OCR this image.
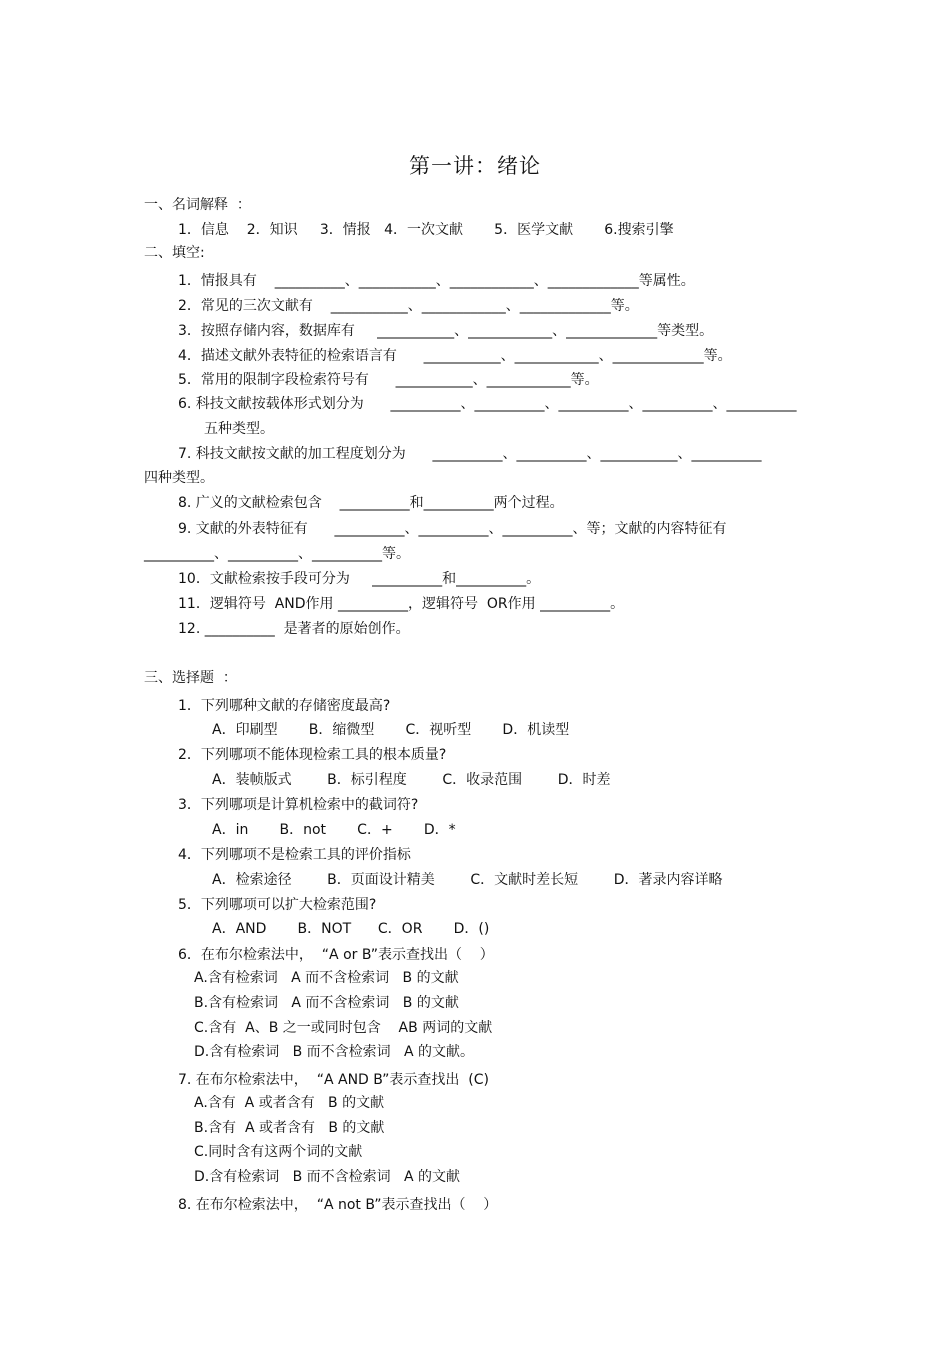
第一讲：绪论
一、名词解释  ：
1．信息    2．知识     3．情报   4．一次文献       5．医学文献       6.搜索引擎
二、填空:
1．情报具有    __________、___________、____________、_____________等属性。
2．常见的三次文献有    ___________、____________、_____________等。
3．按照存储内容，数据库有     ___________、____________、_____________等类型。
4．描述文献外表特征的检索语言有      ___________、____________、_____________等。
5．常用的限制字段检索符号有      ___________、____________等。
6. 科技文献按载体形式划分为      __________、__________、__________、__________、__________
五种类型。
7. 科技文献按文献的加工程度划分为      __________、__________、___________、__________
四种类型。
8. 广义的文献检索包含    __________和__________两个过程。
9. 文献的外表特征有      __________、__________、__________、等；文献的内容特征有
__________、__________、__________等。
10．文献检索按手段可分为     __________和__________。
11．逻辑符号  AND作用 __________，逻辑符号  OR作用 __________。
12. __________  是著者的原始创作。
三、选择题  ：
1．下列哪种文献的存储密度最高?
A．印刷型       B．缩微型       C．视听型       D．机读型
2．下列哪项不能体现检索工具的根本质量?
A．装帧版式        B．标引程度        C．收录范围        D．时差
3．下列哪项是计算机检索中的截词符?
A．in       B．not       C．+       D．*
4．下列哪项不是检索工具的评价指标
A．检索途径        B．页面设计精美        C．文献时差长短        D．著录内容详略
5．下列哪项可以扩大检索范围?
A．AND       B．NOT      C．OR       D．()
6．在布尔检索法中，  “A or B”表示查找出（    ）
A.含有检索词   A 而不含检索词   B 的文献
B.含有检索词   A 而不含检索词   B 的文献
C.含有  A、B 之一或同时包含    AB 两词的文献
D.含有检索词   B 而不含检索词   A 的文献。
7. 在布尔检索法中，  “A AND B”表示查找出  (C)
A.含有  A 或者含有   B 的文献
B.含有  A 或者含有   B 的文献
C.同时含有这两个词的文献
D.含有检索词   B 而不含检索词   A 的文献
8. 在布尔检索法中，  “A not B”表示查找出（    ）
